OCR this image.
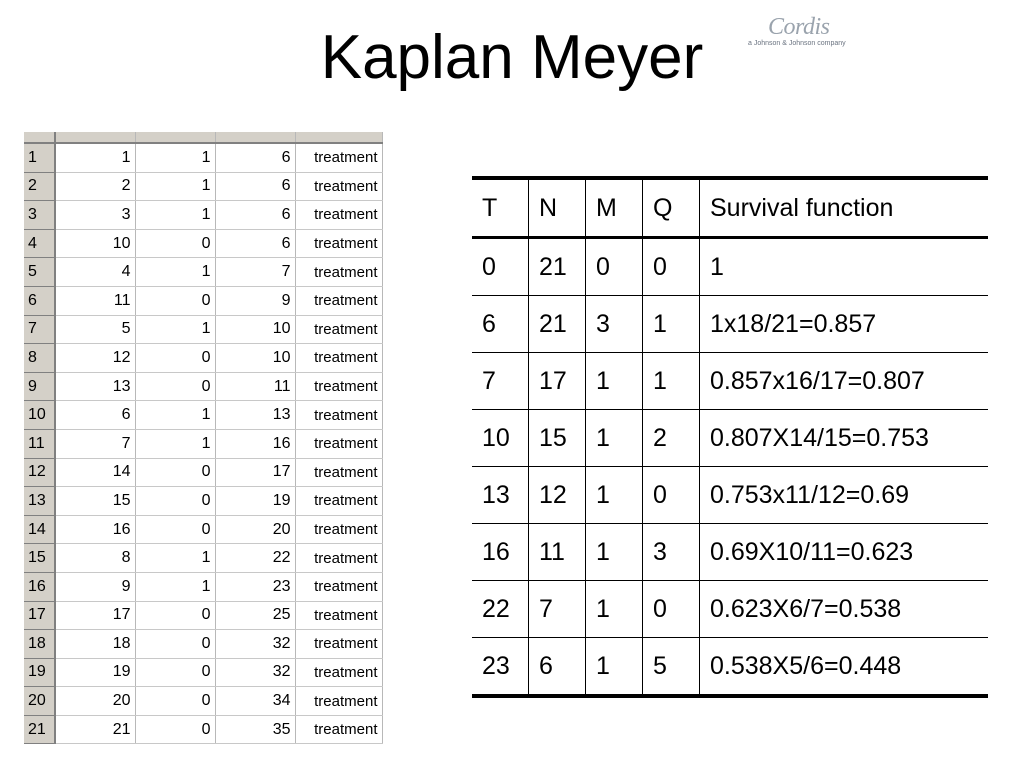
Kaplan Meyer	Cordis
a Johnson & Johnson company

1	1	1	6	treatment
2	2	1	6	treatment
3	3	1	6	treatment
4	10	0	6	treatment
5	4	1	7	treatment
6	11	0	9	treatment
7	5	1	10	treatment
8	12	0	10	treatment
9	13	0	11	treatment
10	6	1	13	treatment
11	7	1	16	treatment
12	14	0	17	treatment
13	15	0	19	treatment
14	16	0	20	treatment
15	8	1	22	treatment
16	9	1	23	treatment
17	17	0	25	treatment
18	18	0	32	treatment
19	19	0	32	treatment
20	20	0	34	treatment
21	21	0	35	treatment
T	N	M	Q	Survival function
0	21	0	0	1
6	21	3	1	1x18/21=0.857
7	17	1	1	0.857x16/17=0.807
10	15	1	2	0.807X14/15=0.753
13	12	1	0	0.753x11/12=0.69
16	11	1	3	0.69X10/11=0.623
22	7	1	0	0.623X6/7=0.538
23	6	1	5	0.538X5/6=0.448
